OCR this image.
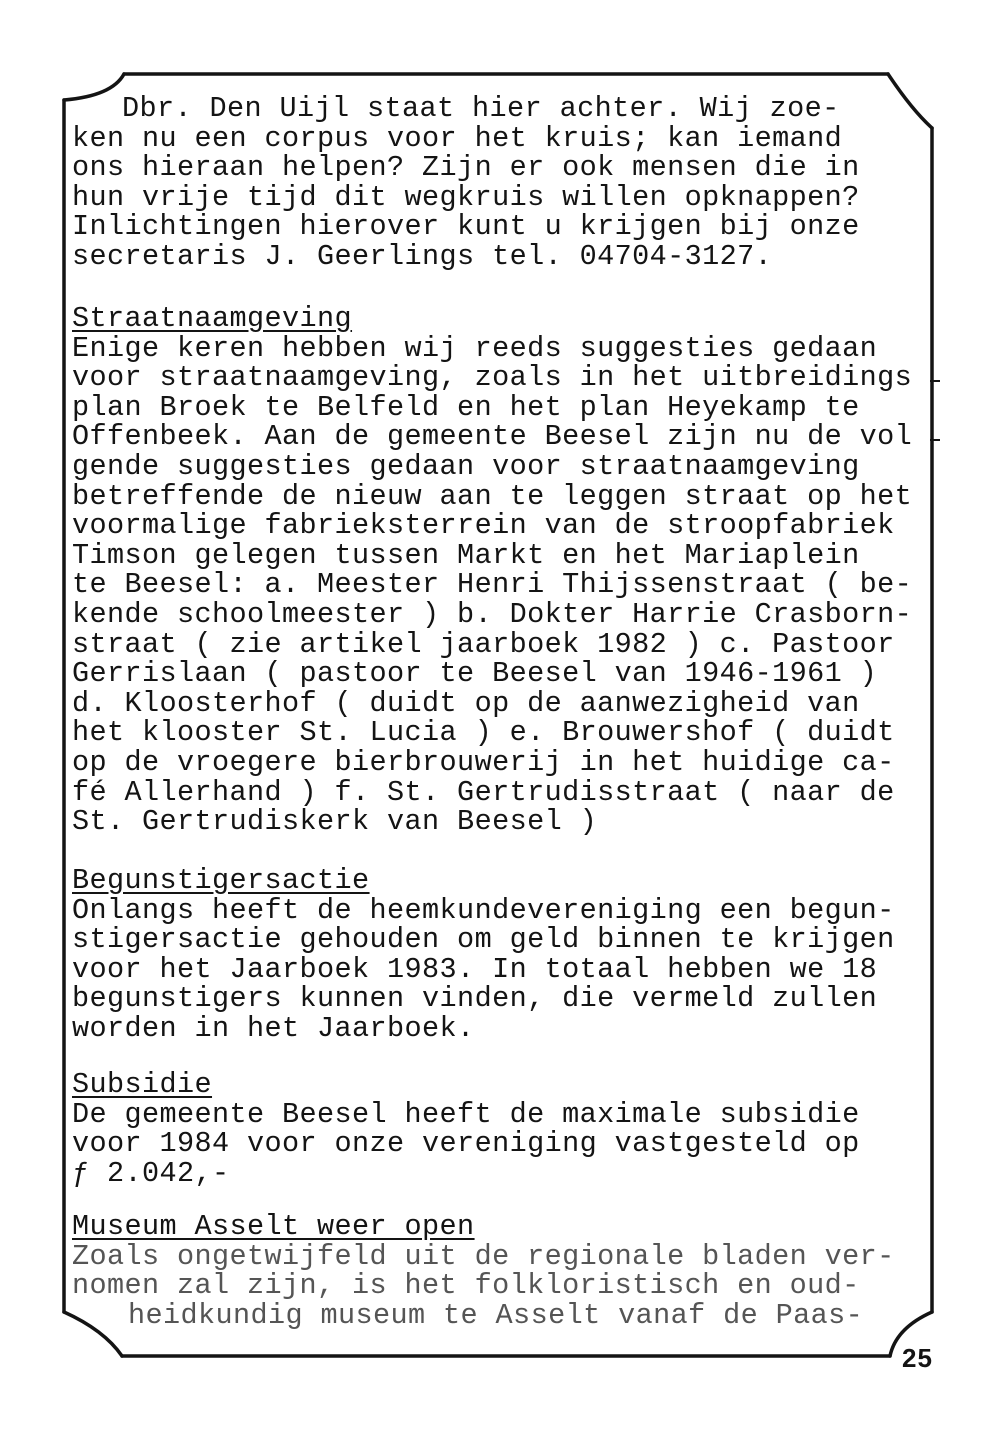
Dbr. Den Uijl staat hier achter. Wij zoe-
ken nu een corpus voor het kruis; kan iemand
ons hieraan helpen? Zijn er ook mensen die in
hun vrije tijd dit wegkruis willen opknappen?
Inlichtingen hierover kunt u krijgen bij onze
secretaris J. Geerlings tel. 04704-3127.
Straatnaamgeving
Enige keren hebben wij reeds suggesties gedaan
voor straatnaamgeving, zoals in het uitbreidings
plan Broek te Belfeld en het plan Heyekamp te
Offenbeek. Aan de gemeente Beesel zijn nu de vol
gende suggesties gedaan voor straatnaamgeving
betreffende de nieuw aan te leggen straat op het
voormalige fabrieksterrein van de stroopfabriek
Timson gelegen tussen Markt en het Mariaplein
te Beesel: a. Meester Henri Thijssenstraat ( be-
kende schoolmeester ) b. Dokter Harrie Crasborn-
straat ( zie artikel jaarboek 1982 ) c. Pastoor
Gerrislaan ( pastoor te Beesel van 1946-1961 )
d. Kloosterhof ( duidt op de aanwezigheid van
het klooster St. Lucia ) e. Brouwershof ( duidt
op de vroegere bierbrouwerij in het huidige ca-
fé Allerhand ) f. St. Gertrudisstraat ( naar de
St. Gertrudiskerk van Beesel )
Begunstigersactie
Onlangs heeft de heemkundevereniging een begun-
stigersactie gehouden om geld binnen te krijgen
voor het Jaarboek 1983. In totaal hebben we 18
begunstigers kunnen vinden, die vermeld zullen
worden in het Jaarboek.
Subsidie
De gemeente Beesel heeft de maximale subsidie
voor 1984 voor onze vereniging vastgesteld op
ƒ 2.042,-
Museum Asselt weer open
Zoals ongetwijfeld uit de regionale bladen ver-
nomen zal zijn, is het folkloristisch en oud-
heidkundig museum te Asselt vanaf de Paas-
25
